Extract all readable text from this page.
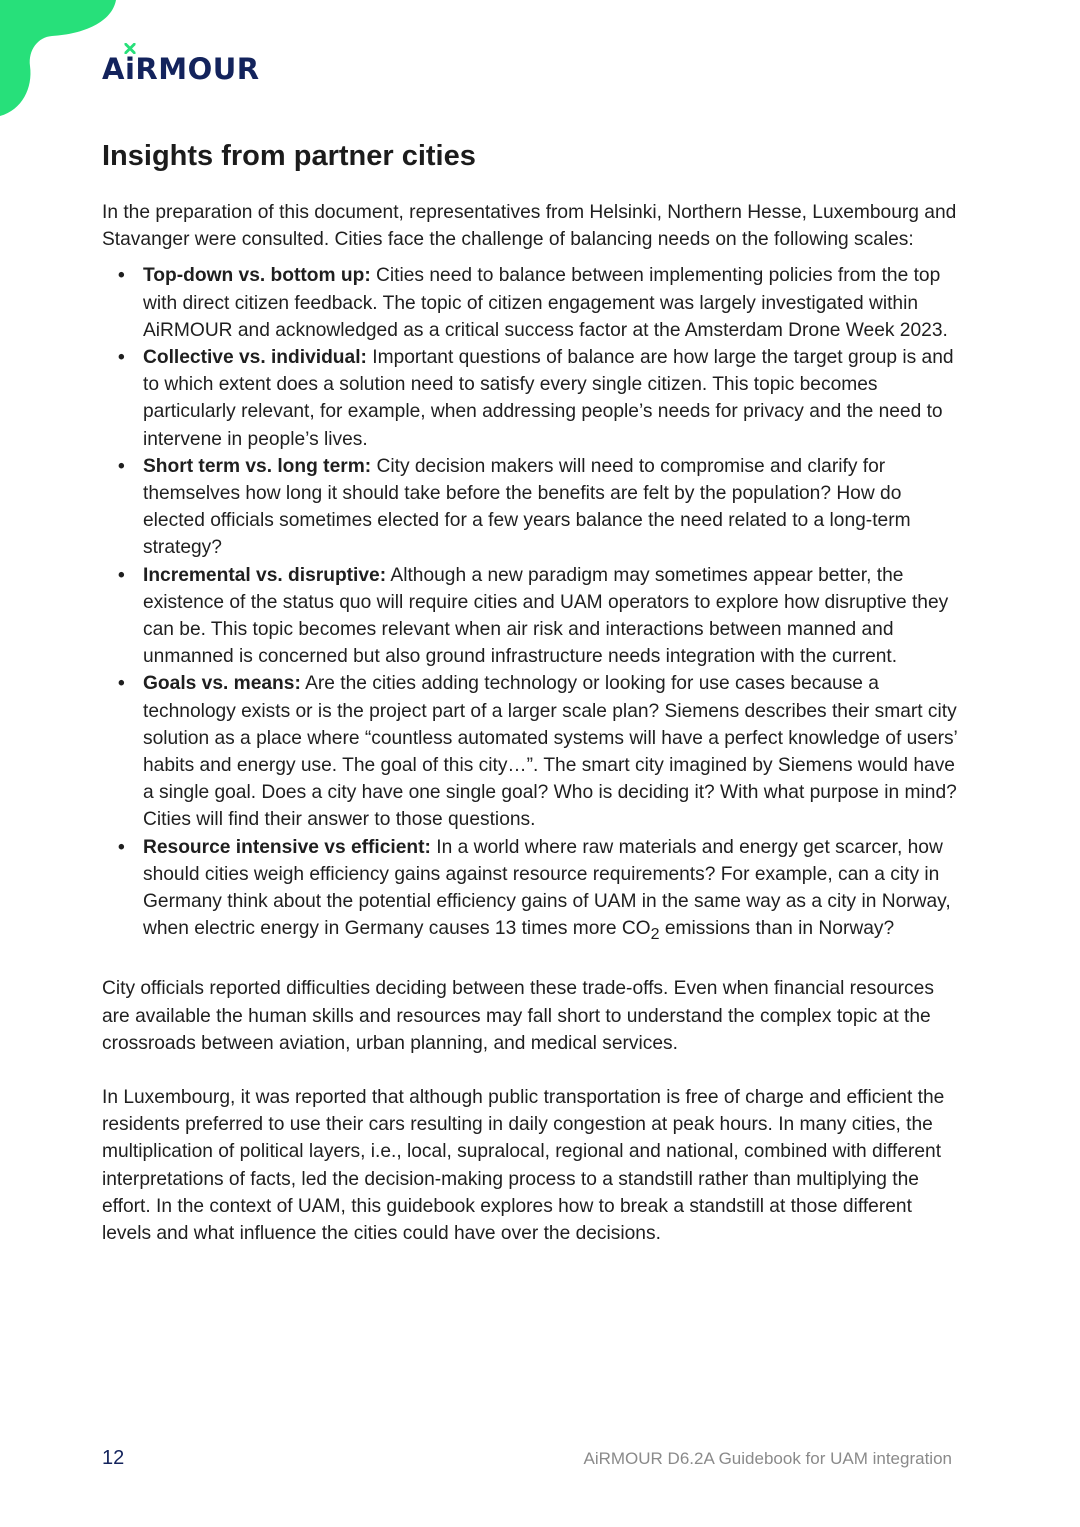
A
iRMOUR
Insights from partner cities

In the preparation of this document, representatives from Helsinki, Northern Hesse, Luxembourg and Stavanger were consulted. Cities face the challenge of balancing needs on the following scales:

• Top-down vs. bottom up: Cities need to balance between implementing policies from the top with direct citizen feedback. The topic of citizen engagement was largely investigated within AiRMOUR and acknowledged as a critical success factor at the Amsterdam Drone Week 2023.
• Collective vs. individual: Important questions of balance are how large the target group is and to which extent does a solution need to satisfy every single citizen. This topic becomes particularly relevant, for example, when addressing people’s needs for privacy and the need to intervene in people’s lives.
• Short term vs. long term: City decision makers will need to compromise and clarify for themselves how long it should take before the benefits are felt by the population? How do elected officials sometimes elected for a few years balance the need related to a long-term strategy?
• Incremental vs. disruptive: Although a new paradigm may sometimes appear better, the existence of the status quo will require cities and UAM operators to explore how disruptive they can be. This topic becomes relevant when air risk and interactions between manned and unmanned is concerned but also ground infrastructure needs integration with the current.
• Goals vs. means: Are the cities adding technology or looking for use cases because a technology exists or is the project part of a larger scale plan? Siemens describes their smart city solution as a place where “countless automated systems will have a perfect knowledge of users’ habits and energy use. The goal of this city…”. The smart city imagined by Siemens would have a single goal. Does a city have one single goal? Who is deciding it? With what purpose in mind? Cities will find their answer to those questions.
• Resource intensive vs efficient: In a world where raw materials and energy get scarcer, how should cities weigh efficiency gains against resource requirements? For example, can a city in Germany think about the potential efficiency gains of UAM in the same way as a city in Norway, when electric energy in Germany causes 13 times more $CO_2$ emissions than in Norway?

City officials reported difficulties deciding between these trade-offs. Even when financial resources are available the human skills and resources may fall short to understand the complex topic at the crossroads between aviation, urban planning, and medical services.

In Luxembourg, it was reported that although public transportation is free of charge and efficient the residents preferred to use their cars resulting in daily congestion at peak hours. In many cities, the multiplication of political layers, i.e., local, supralocal, regional and national, combined with different interpretations of facts, led the decision-making process to a standstill rather than multiplying the effort. In the context of UAM, this guidebook explores how to break a standstill at those different levels and what influence the cities could have over the decisions.

12	AiRMOUR D6.2A Guidebook for UAM integration
